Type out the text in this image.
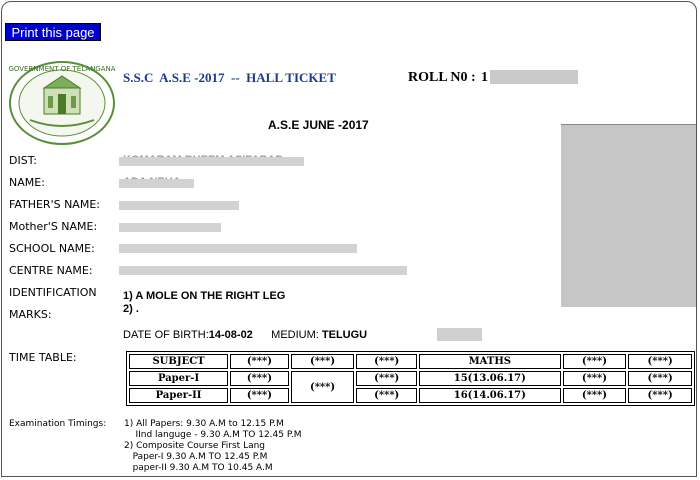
Print this page
GOVERNMENT OF TELANGANA
S.S.C  A.S.E -2017  --  HALL TICKET	ROLL N0 : 1
A.S.E JUNE -2017
DIST:
NAME:
FATHER'S NAME:
Mother'S NAME:
SCHOOL NAME:
CENTRE NAME:
IDENTIFICATION
MARKS:
1) A MOLE ON THE RIGHT LEG
2) .
DATE OF BIRTH:14-08-02 MEDIUM: TELUGU
TIME TABLE:	SUBJECT	(***)	(***)	(***)	MATHS	(***)	(***)
Paper-I	(***)	(***)	(***)	15(13.06.17)	(***)	(***)
Paper-II	(***)		(***)	16(14.06.17)	(***)	(***)
Examination Timings: 1) All Papers: 9.30 A.M to 12.15 P.M
IInd languge - 9.30 A.M TO 12.45 P.M
2) Composite Course First Lang
Paper-I 9.30 A.M TO 12.45 P.M
paper-II 9.30 A.M TO 10.45 A.M
